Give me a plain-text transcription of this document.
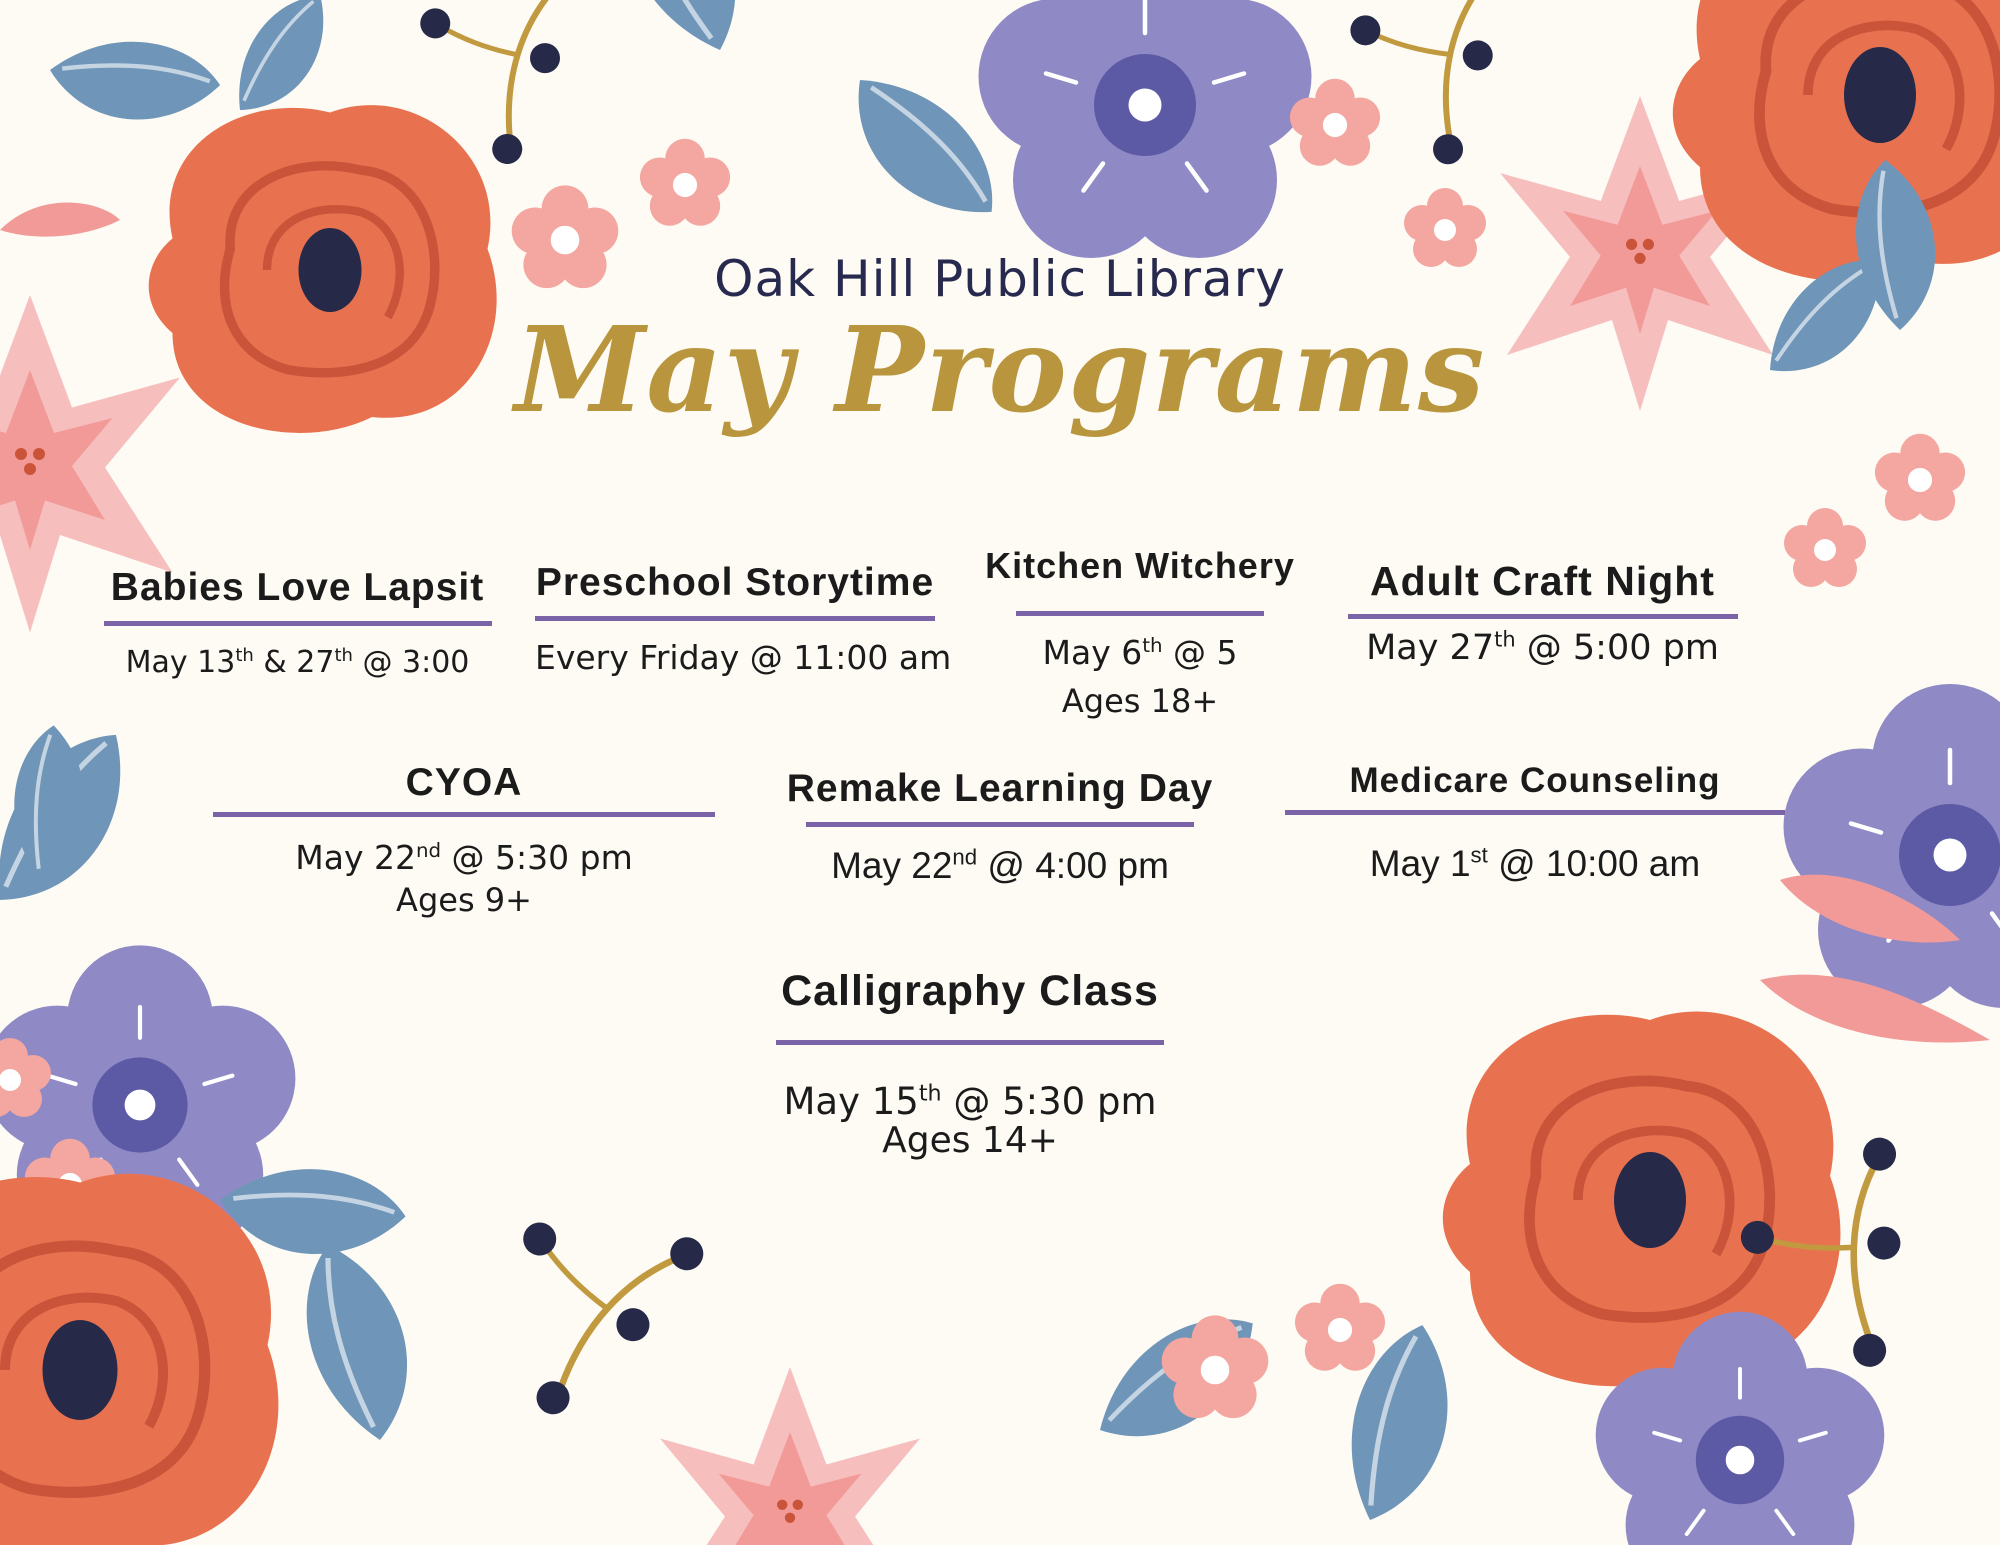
Oak Hill Public Library
May Programs
Babies Love Lapsit
May 13th & 27th @ 3:00
Preschool Storytime
Every Friday @ 11:00 am
Kitchen Witchery
May 6th @ 5
Ages 18+
Adult Craft Night
May 27th @ 5:00 pm
CYOA
May 22nd @ 5:30 pm
Ages 9+
Remake Learning Day
May 22nd @ 4:00 pm
Medicare Counseling
May 1st @ 10:00 am
Calligraphy Class
May 15th @ 5:30 pm
Ages 14+
